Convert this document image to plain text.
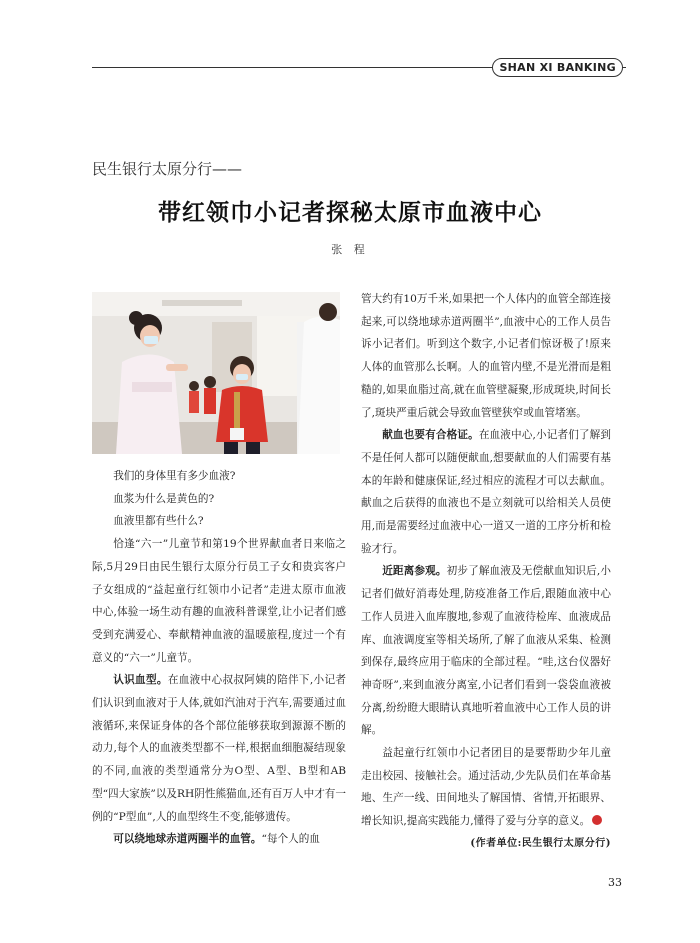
SHAN XI BANKING
民生银行太原分行——
带红领巾小记者探秘太原市血液中心
张 程

我们的身体里有多少血液?

血浆为什么是黄色的?

血液里都有些什么?

恰逢“六一”儿童节和第19个世界献血者日来临之际,5月29日由民生银行太原分行员工子女和贵宾客户子女组成的“益起童行红领巾小记者”走进太原市血液中心,体验一场生动有趣的血液科普课堂,让小记者们感受到充满爱心、奉献精神血液的温暖旅程,度过一个有意义的“六一”儿童节。

认识血型。在血液中心叔叔阿姨的陪伴下,小记者们认识到血液对于人体,就如汽油对于汽车,需要通过血液循环,来保证身体的各个部位能够获取到源源不断的动力,每个人的血液类型都不一样,根据血细胞凝结现象的不同,血液的类型通常分为O型、A型、B型和AB型“四大家族”以及RH阴性熊猫血,还有百万人中才有一例的“P型血”,人的血型终生不变,能够遗传。

可以绕地球赤道两圈半的血管。“每个人的血

管大约有10万千米,如果把一个人体内的血管全部连接起来,可以绕地球赤道两圈半”,血液中心的工作人员告诉小记者们。听到这个数字,小记者们惊讶极了!原来人体的血管那么长啊。人的血管内壁,不是光滑而是粗糙的,如果血脂过高,就在血管壁凝聚,形成斑块,时间长了,斑块严重后就会导致血管壁狭窄或血管堵塞。

献血也要有合格证。在血液中心,小记者们了解到不是任何人都可以随便献血,想要献血的人们需要有基本的年龄和健康保证,经过相应的流程才可以去献血。献血之后获得的血液也不是立刻就可以给相关人员使用,而是需要经过血液中心一道又一道的工序分析和检验才行。

近距离参观。初步了解血液及无偿献血知识后,小记者们做好消毒处理,防疫准备工作后,跟随血液中心工作人员进入血库腹地,参观了血液待检库、血液成品库、血液调度室等相关场所,了解了血液从采集、检测到保存,最终应用于临床的全部过程。“哇,这台仪器好神奇呀”,来到血液分离室,小记者们看到一袋袋血液被分离,纷纷瞪大眼睛认真地听着血液中心工作人员的讲解。

益起童行红领巾小记者团目的是要帮助少年儿童走出校园、接触社会。通过活动,少先队员们在革命基地、生产一线、田间地头了解国情、省情,开拓眼界、增长知识,提高实践能力,懂得了爱与分享的意义。
(作者单位:民生银行太原分行)

33
